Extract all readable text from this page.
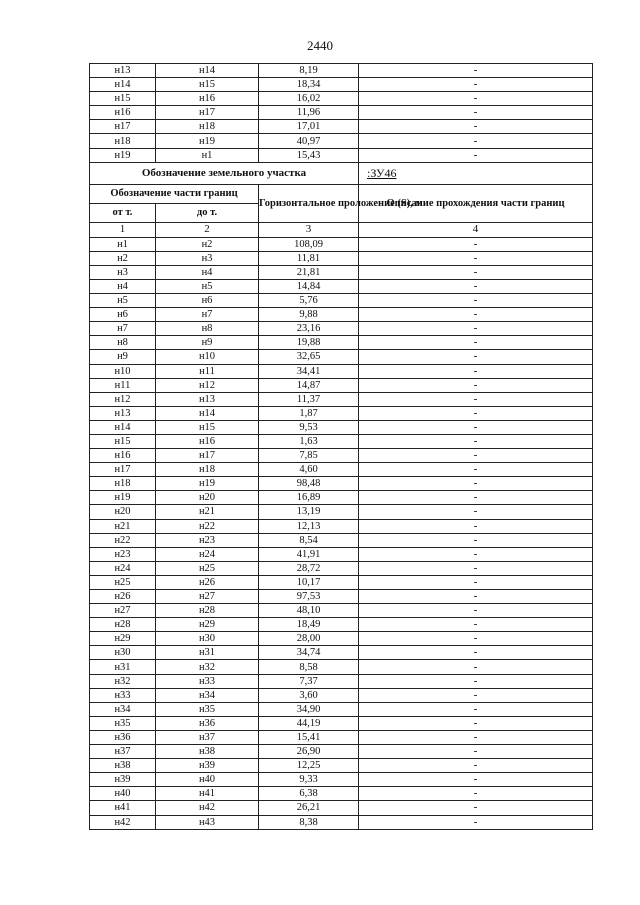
2440
н13	н14	8,19	-
н14	н15	18,34	-
н15	н16	16,02	-
н16	н17	11,96	-
н17	н18	17,01	-
н18	н19	40,97	-
н19	н1	15,43	-
Обозначение земельного участка			:ЗУ46
Обозначение части границ		Горизонтальное проложение (S), м	Описание прохождения части границ
от т.	до т.		
1	2	3	4
н1	н2	108,09	-
н2	н3	11,81	-
н3	н4	21,81	-
н4	н5	14,84	-
н5	н6	5,76	-
н6	н7	9,88	-
н7	н8	23,16	-
н8	н9	19,88	-
н9	н10	32,65	-
н10	н11	34,41	-
н11	н12	14,87	-
н12	н13	11,37	-
н13	н14	1,87	-
н14	н15	9,53	-
н15	н16	1,63	-
н16	н17	7,85	-
н17	н18	4,60	-
н18	н19	98,48	-
н19	н20	16,89	-
н20	н21	13,19	-
н21	н22	12,13	-
н22	н23	8,54	-
н23	н24	41,91	-
н24	н25	28,72	-
н25	н26	10,17	-
н26	н27	97,53	-
н27	н28	48,10	-
н28	н29	18,49	-
н29	н30	28,00	-
н30	н31	34,74	-
н31	н32	8,58	-
н32	н33	7,37	-
н33	н34	3,60	-
н34	н35	34,90	-
н35	н36	44,19	-
н36	н37	15,41	-
н37	н38	26,90	-
н38	н39	12,25	-
н39	н40	9,33	-
н40	н41	6,38	-
н41	н42	26,21	-
н42	н43	8,38	-
